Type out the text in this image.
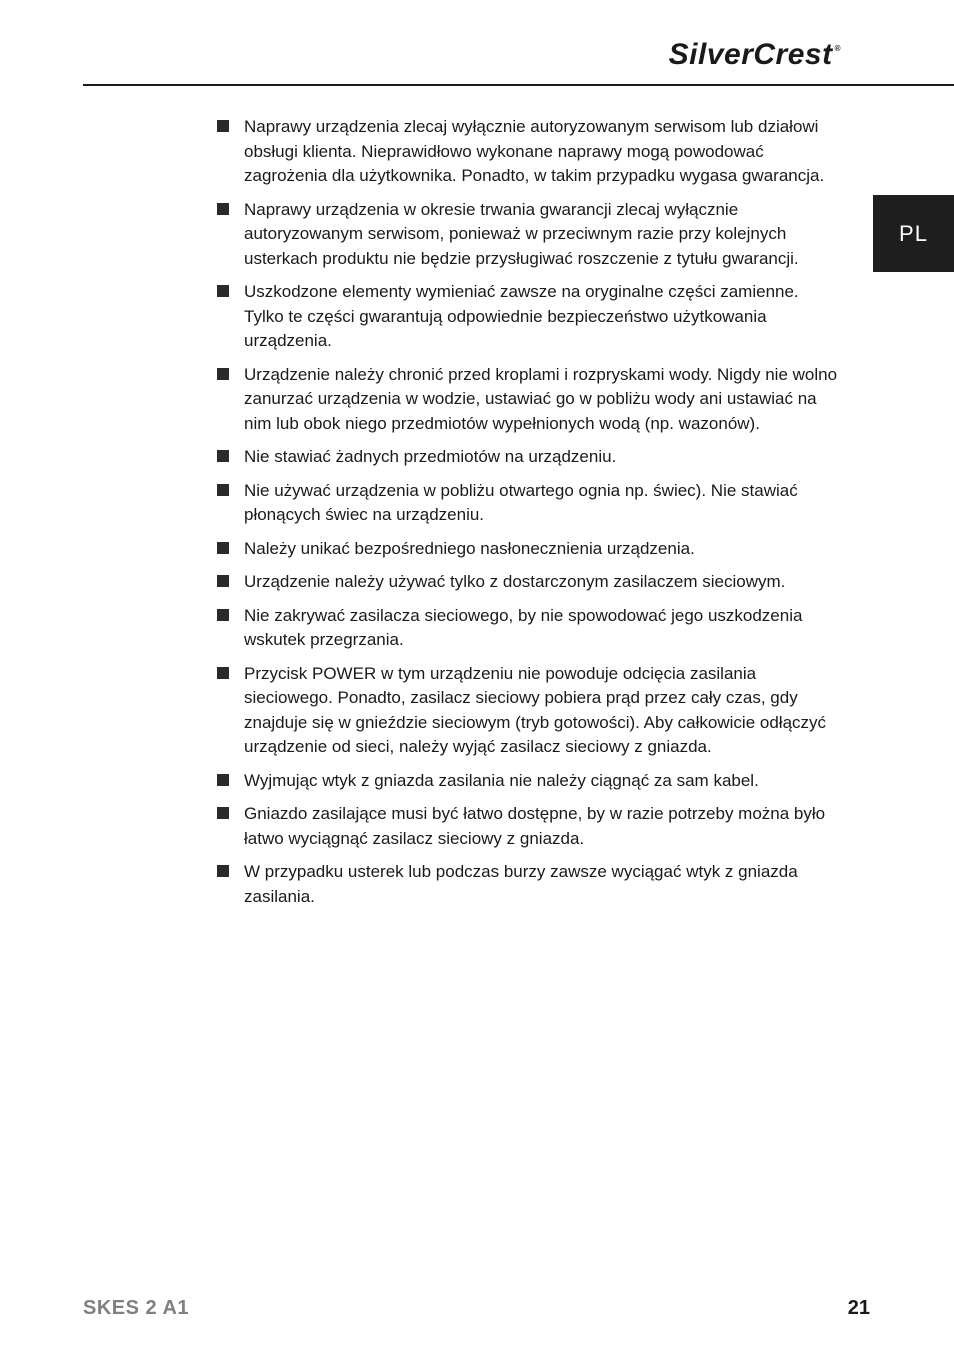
SilverCrest ®
PL
Naprawy urządzenia zlecaj wyłącznie autoryzowanym serwisom lub działowi obsługi klienta. Nieprawidłowo wykonane naprawy mogą powodować zagrożenia dla użytkownika. Ponadto, w takim przypadku wygasa gwarancja.
Naprawy urządzenia w okresie trwania gwarancji zlecaj wyłącznie autoryzowanym serwisom, ponieważ w przeciwnym razie przy kolejnych usterkach produktu nie będzie przysługiwać roszczenie z tytułu gwarancji.
Uszkodzone elementy wymieniać zawsze na oryginalne części zamienne. Tylko te części gwarantują odpowiednie bezpieczeństwo użytkowania urządzenia.
Urządzenie należy chronić przed kroplami i rozpryskami wody. Nigdy nie wolno zanurzać urządzenia w wodzie, ustawiać go w pobliżu wody ani ustawiać na nim lub obok niego przedmiotów wypełnionych wodą (np. wazonów).
Nie stawiać żadnych przedmiotów na urządzeniu.
Nie używać urządzenia w pobliżu otwartego ognia np. świec). Nie stawiać płonących świec na urządzeniu.
Należy unikać bezpośredniego nasłonecznienia urządzenia.
Urządzenie należy używać tylko z dostarczonym zasilaczem sieciowym.
Nie zakrywać zasilacza sieciowego, by nie spowodować jego uszkodzenia wskutek przegrzania.
Przycisk POWER w tym urządzeniu nie powoduje odcięcia zasilania sieciowego. Ponadto, zasilacz sieciowy pobiera prąd przez cały czas, gdy znajduje się w gnieździe sieciowym (tryb gotowości). Aby całkowicie odłączyć urządzenie od sieci, należy wyjąć zasilacz sieciowy z gniazda.
Wyjmując wtyk z gniazda zasilania nie należy ciągnąć za sam kabel.
Gniazdo zasilające musi być łatwo dostępne, by w razie potrzeby można było łatwo wyciągnąć zasilacz sieciowy z gniazda.
W przypadku usterek lub podczas burzy zawsze wyciągać wtyk z gniazda zasilania.
SKES 2 A1	21
